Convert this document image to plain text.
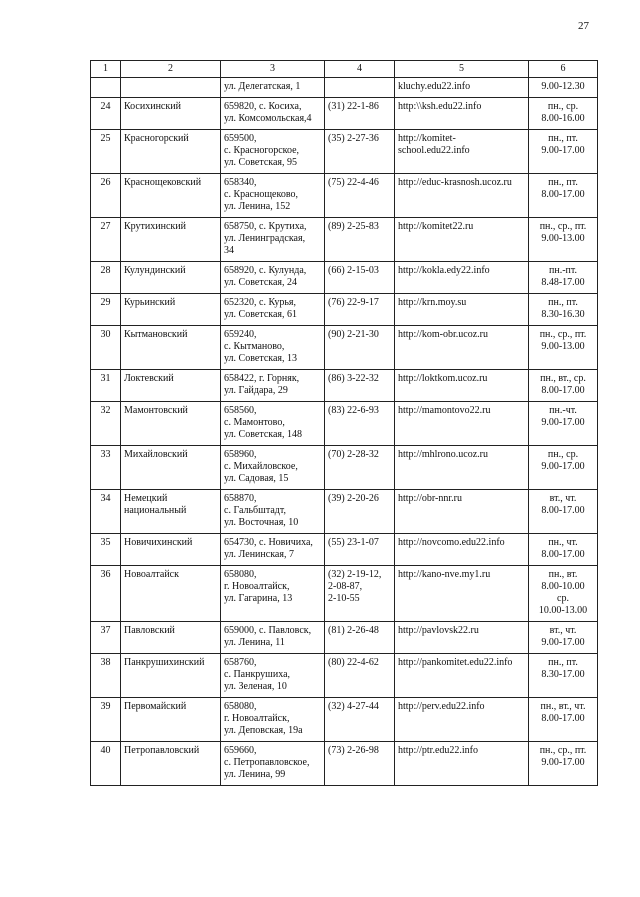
27
1	2	3	4	5	6
		ул. Делегатская, 1		kluchy.edu22.info	9.00-12.30
24	Косихинский	659820, с. Косиха,
ул. Комсомольская,4	(31) 22-1-86	http:\\ksh.edu22.info	пн., ср.
8.00-16.00
25	Красногорский	659500,
с. Красногорское,
ул. Советская, 95	(35) 2-27-36	http://komitet-
school.edu22.info	пн., пт.
9.00-17.00
26	Краснощековский	658340,
с. Краснощеково,
ул. Ленина, 152	(75) 22-4-46	http://educ-krasnosh.ucoz.ru	пн., пт.
8.00-17.00
27	Крутихинский	658750, с. Крутиха,
ул. Ленинградская,
34	(89) 2-25-83	http://komitet22.ru	пн., ср., пт.
9.00-13.00
28	Кулундинский	658920, с. Кулунда,
ул. Советская, 24	(66) 2-15-03	http://kokla.edy22.info	пн.-пт.
8.48-17.00
29	Курьинский	652320, с. Курья,
ул. Советская, 61	(76) 22-9-17	http://krn.moy.su	пн., пт.
8.30-16.30
30	Кытмановский	659240,
с. Кытманово,
ул. Советская, 13	(90) 2-21-30	http://kom-obr.ucoz.ru	пн., ср., пт.
9.00-13.00
31	Локтевский	658422, г. Горняк,
ул. Гайдара, 29	(86) 3-22-32	http://loktkom.ucoz.ru	пн., вт., ср.
8.00-17.00
32	Мамонтовский	658560,
с. Мамонтово,
ул. Советская, 148	(83) 22-6-93	http://mamontovo22.ru	пн.-чт.
9.00-17.00
33	Михайловский	658960,
с. Михайловское,
ул. Садовая, 15	(70) 2-28-32	http://mhlrono.ucoz.ru	пн., ср.
9.00-17.00
34	Немецкий
национальный	658870,
с. Гальбштадт,
ул. Восточная, 10	(39) 2-20-26	http://obr-nnr.ru	вт., чт.
8.00-17.00
35	Новичихинский	654730, с. Новичиха,
ул. Ленинская, 7	(55) 23-1-07	http://novcomo.edu22.info	пн., чт.
8.00-17.00
36	Новоалтайск	658080,
г. Новоалтайск,
ул. Гагарина, 13	(32) 2-19-12,
2-08-87,
2-10-55	http://kano-nve.my1.ru	пн., вт.
8.00-10.00
ср.
10.00-13.00
37	Павловский	659000, с. Павловск,
ул. Ленина, 11	(81) 2-26-48	http://pavlovsk22.ru	вт., чт.
9.00-17.00
38	Панкрушихинский	658760,
с. Панкрушиха,
ул. Зеленая, 10	(80) 22-4-62	http://pankomitet.edu22.info	пн., пт.
8.30-17.00
39	Первомайский	658080,
г. Новоалтайск,
ул. Деповская, 19а	(32) 4-27-44	http://perv.edu22.info	пн., вт., чт.
8.00-17.00
40	Петропавловский	659660,
с. Петропавловское,
ул. Ленина, 99	(73) 2-26-98	http://ptr.edu22.info	пн., ср., пт.
9.00-17.00
